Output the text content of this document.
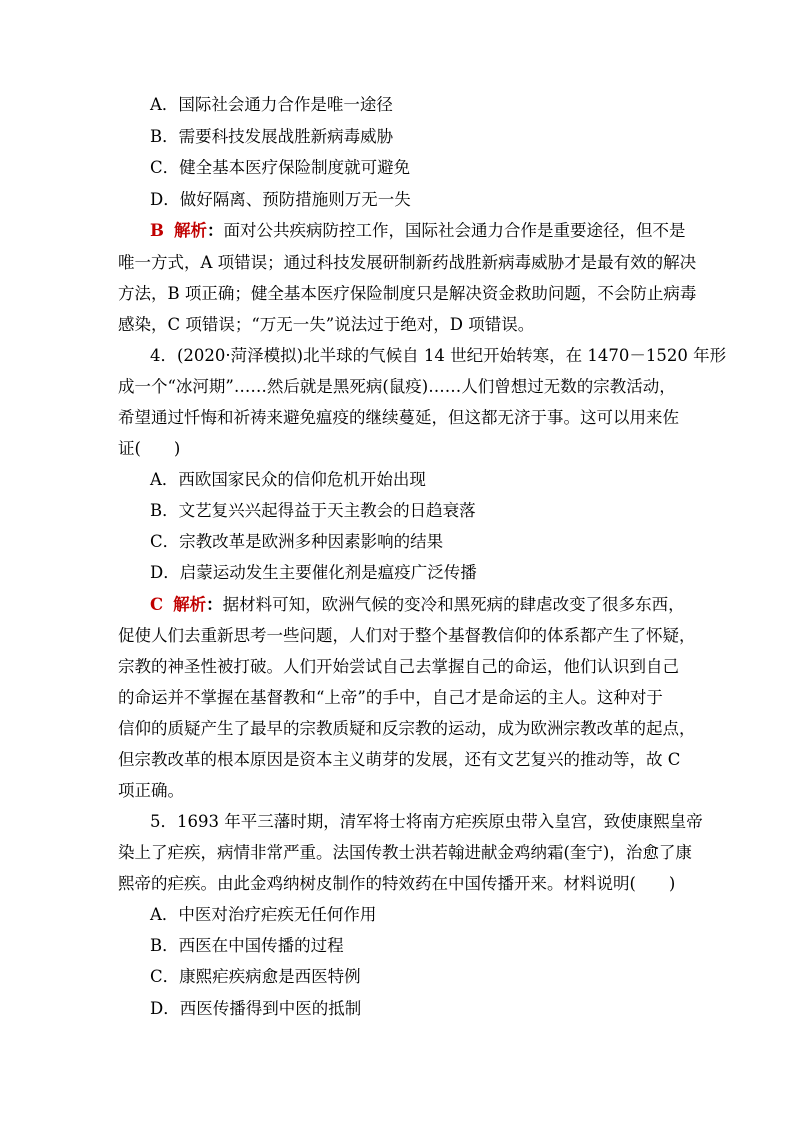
A．国际社会通力合作是唯一途径
B．需要科技发展战胜新病毒威胁
C．健全基本医疗保险制度就可避免
D．做好隔离、预防措施则万无一失
B 解析：面对公共疾病防控工作，国际社会通力合作是重要途径，但不是
唯一方式，A 项错误；通过科技发展研制新药战胜新病毒威胁才是最有效的解决
方法，B 项正确；健全基本医疗保险制度只是解决资金救助问题，不会防止病毒
感染，C 项错误；“万无一失”说法过于绝对，D 项错误。
4．(2020·菏泽模拟)北半球的气候自 14 世纪开始转寒，在 1470－1520 年形
成一个“冰河期”……然后就是黑死病(鼠疫)……人们曾想过无数的宗教活动，
希望通过忏悔和祈祷来避免瘟疫的继续蔓延，但这都无济于事。这可以用来佐
证(　　)
A．西欧国家民众的信仰危机开始出现
B．文艺复兴兴起得益于天主教会的日趋衰落
C．宗教改革是欧洲多种因素影响的结果
D．启蒙运动发生主要催化剂是瘟疫广泛传播
C 解析：据材料可知，欧洲气候的变冷和黑死病的肆虐改变了很多东西，
促使人们去重新思考一些问题，人们对于整个基督教信仰的体系都产生了怀疑，
宗教的神圣性被打破。人们开始尝试自己去掌握自己的命运，他们认识到自己
的命运并不掌握在基督教和“上帝”的手中，自己才是命运的主人。这种对于
信仰的质疑产生了最早的宗教质疑和反宗教的运动，成为欧洲宗教改革的起点，
但宗教改革的根本原因是资本主义萌芽的发展，还有文艺复兴的推动等，故 C
项正确。
5．1693 年平三藩时期，清军将士将南方疟疾原虫带入皇宫，致使康熙皇帝
染上了疟疾，病情非常严重。法国传教士洪若翰进献金鸡纳霜(奎宁)，治愈了康
熙帝的疟疾。由此金鸡纳树皮制作的特效药在中国传播开来。材料说明(　　)
A．中医对治疗疟疾无任何作用
B．西医在中国传播的过程
C．康熙疟疾病愈是西医特例
D．西医传播得到中医的抵制
